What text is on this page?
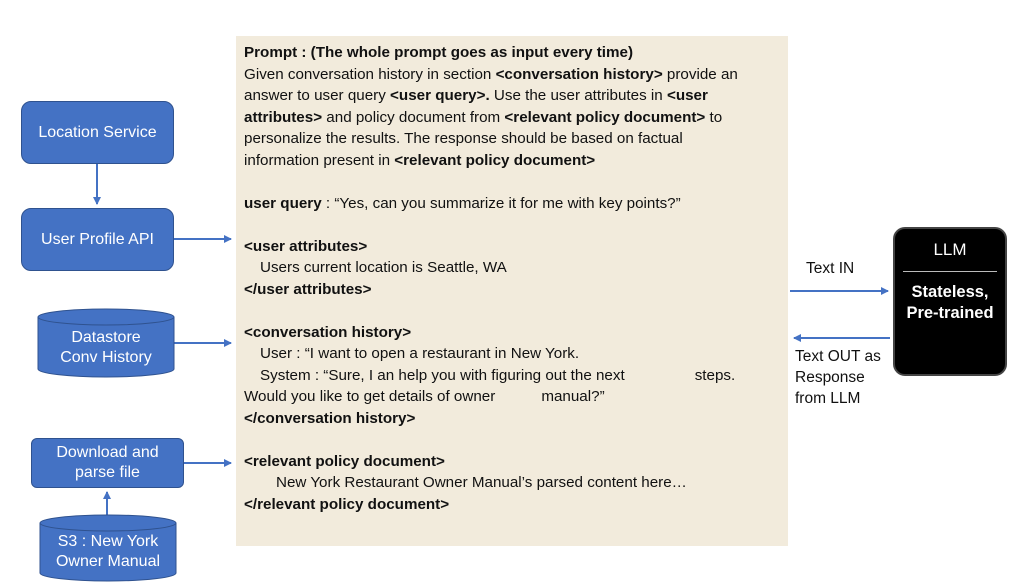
Location Service
User Profile API
Datastore
Conv History
Download and
parse file
S3 : New York
Owner Manual
Prompt : (The whole prompt goes as input every time)
Given conversation history in section <conversation history> provide an
answer to user query <user query>. Use the user attributes in <user
attributes> and policy document from <relevant policy document> to
personalize the results. The response should be based on factual
information present in <relevant policy document>
user query : “Yes, can you summarize it for me with key points?”
<user attributes>
Users current location is Seattle, WA
</user attributes>
<conversation history>
User : “I want to open a restaurant in New York.
System : “Sure, I an help you with figuring out the next	steps.
Would you like to get details of owner	manual?”
</conversation history>
<relevant policy document>
New York Restaurant Owner Manual’s parsed content here…
</relevant policy document>
Text IN
Text OUT as
Response
from LLM
LLM
Stateless,
Pre-trained
